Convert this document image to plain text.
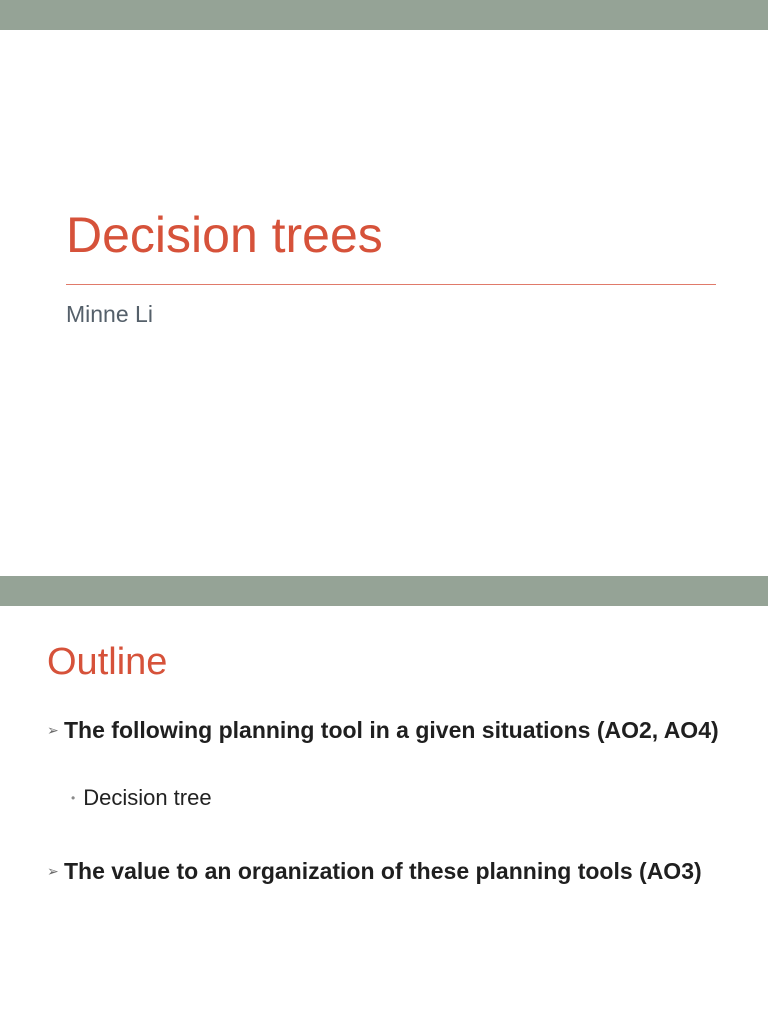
Decision trees
Minne Li
Outline
➢ The following planning tool in a given situations (AO2, AO4)
• Decision tree
➢ The value to an organization of these planning tools (AO3)
